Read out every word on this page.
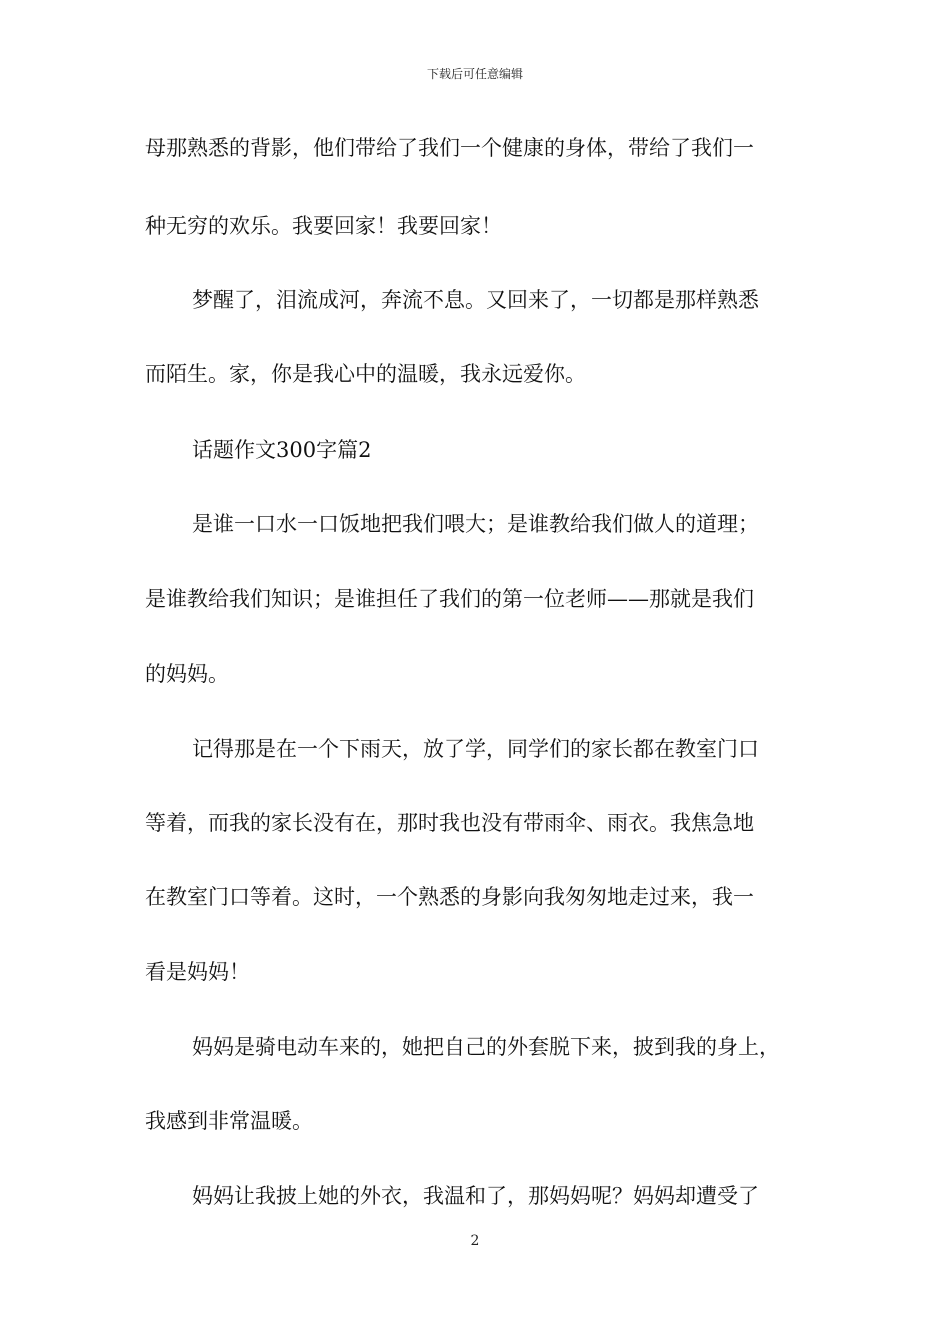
下载后可任意编辑
母那熟悉的背影，他们带给了我们一个健康的身体，带给了我们一
种无穷的欢乐。我要回家！我要回家！
梦醒了，泪流成河，奔流不息。又回来了，一切都是那样熟悉
而陌生。家，你是我心中的温暖，我永远爱你。
话题作文300字篇2
是谁一口水一口饭地把我们喂大；是谁教给我们做人的道理；
是谁教给我们知识；是谁担任了我们的第一位老师——那就是我们
的妈妈。
记得那是在一个下雨天，放了学，同学们的家长都在教室门口
等着，而我的家长没有在，那时我也没有带雨伞、雨衣。我焦急地
在教室门口等着。这时，一个熟悉的身影向我匆匆地走过来，我一
看是妈妈！
妈妈是骑电动车来的，她把自己的外套脱下来，披到我的身上，
我感到非常温暖。
妈妈让我披上她的外衣，我温和了，那妈妈呢？妈妈却遭受了
2
